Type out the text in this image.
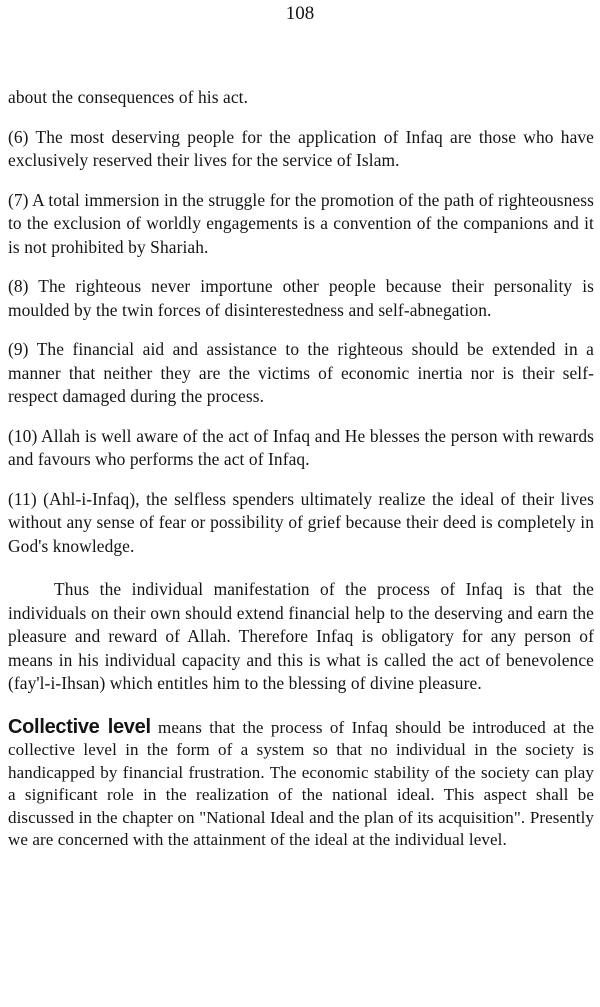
108

about the consequences of his act.

(6) The most deserving people for the application of Infaq are those who have exclusively reserved their lives for the service of Islam.

(7) A total immersion in the struggle for the promotion of the path of righteousness to the exclusion of worldly engagements is a convention of the companions and it is not prohibited by Shariah.

(8) The righteous never importune other people because their personality is moulded by the twin forces of disinterestedness and self-abnegation.

(9) The financial aid and assistance to the righteous should be extended in a manner that neither they are the victims of economic inertia nor is their self-respect damaged during the process.

(10) Allah is well aware of the act of Infaq and He blesses the person with rewards and favours who performs the act of Infaq.

(11) (Ahl-i-Infaq), the selfless spenders ultimately realize the ideal of their lives without any sense of fear or possibility of grief because their deed is completely in God's knowledge.

Thus the individual manifestation of the process of Infaq is that the individuals on their own should extend financial help to the deserving and earn the pleasure and reward of Allah. Therefore Infaq is obligatory for any person of means in his individual capacity and this is what is called the act of benevolence (fay'l-i-Ihsan) which entitles him to the blessing of divine pleasure.

Collective level means that the process of Infaq should be introduced at the collective level in the form of a system so that no individual in the society is handicapped by financial frustration. The economic stability of the society can play a significant role in the realization of the national ideal. This aspect shall be discussed in the chapter on "National Ideal and the plan of its acquisition". Presently we are concerned with the attainment of the ideal at the individual level.
